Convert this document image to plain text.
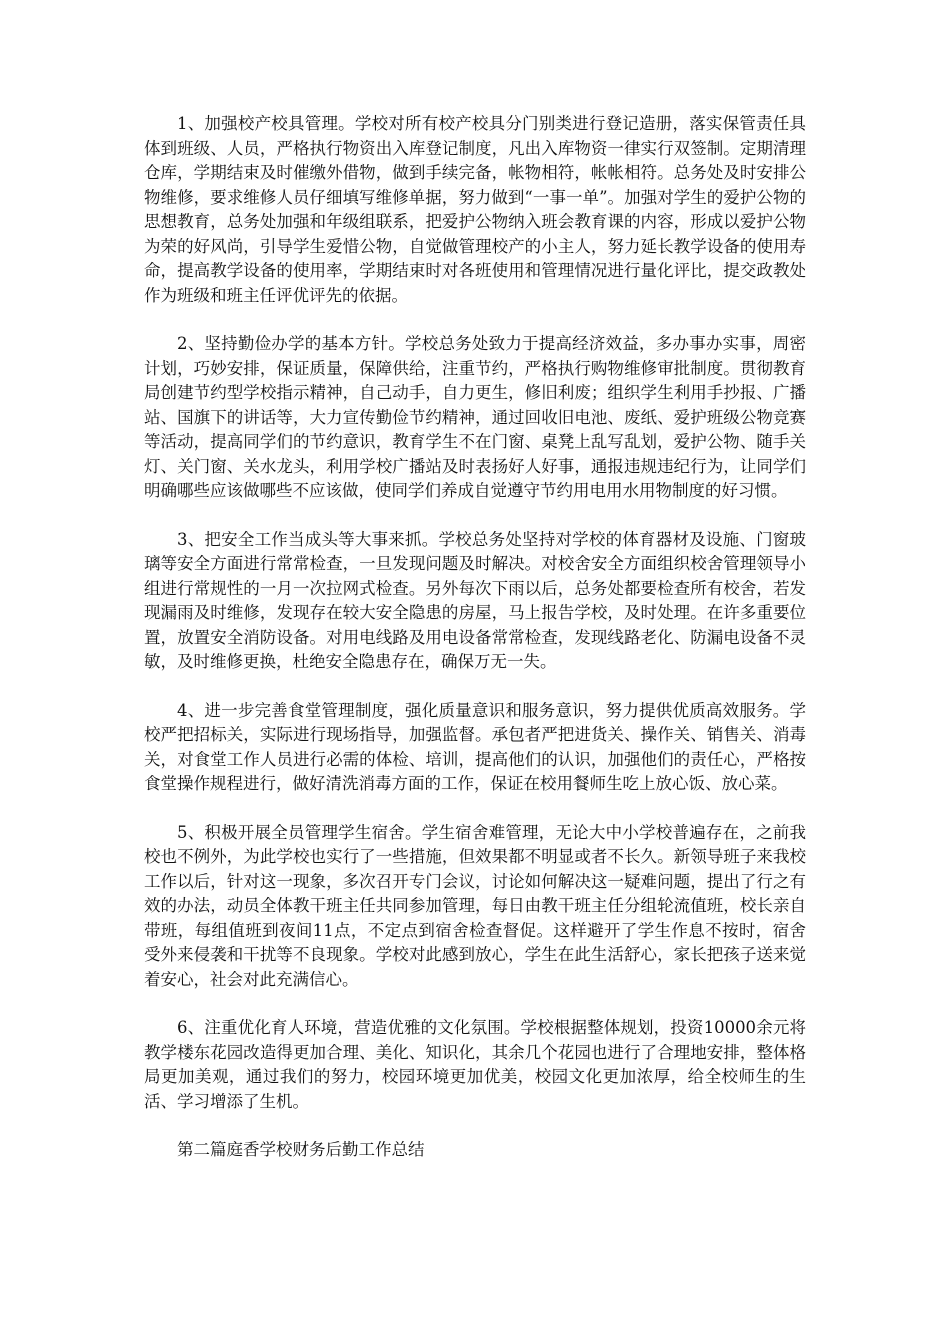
1、加强校产校具管理。学校对所有校产校具分门别类进行登记造册，落实保管责任具体到班级、人员，严格执行物资出入库登记制度，凡出入库物资一律实行双签制。定期清理仓库，学期结束及时催缴外借物，做到手续完备，帐物相符，帐帐相符。总务处及时安排公物维修，要求维修人员仔细填写维修单据，努力做到“一事一单”。加强对学生的爱护公物的思想教育，总务处加强和年级组联系，把爱护公物纳入班会教育课的内容，形成以爱护公物为荣的好风尚，引导学生爱惜公物，自觉做管理校产的小主人，努力延长教学设备的使用寿命，提高教学设备的使用率，学期结束时对各班使用和管理情况进行量化评比，提交政教处作为班级和班主任评优评先的依据。

2、坚持勤俭办学的基本方针。学校总务处致力于提高经济效益，多办事办实事，周密计划，巧妙安排，保证质量，保障供给，注重节约，严格执行购物维修审批制度。贯彻教育局创建节约型学校指示精神，自己动手，自力更生，修旧利废；组织学生利用手抄报、广播站、国旗下的讲话等，大力宣传勤俭节约精神，通过回收旧电池、废纸、爱护班级公物竞赛等活动，提高同学们的节约意识，教育学生不在门窗、桌凳上乱写乱划，爱护公物、随手关灯、关门窗、关水龙头，利用学校广播站及时表扬好人好事，通报违规违纪行为，让同学们明确哪些应该做哪些不应该做，使同学们养成自觉遵守节约用电用水用物制度的好习惯。

3、把安全工作当成头等大事来抓。学校总务处坚持对学校的体育器材及设施、门窗玻璃等安全方面进行常常检查，一旦发现问题及时解决。对校舍安全方面组织校舍管理领导小组进行常规性的一月一次拉网式检查。另外每次下雨以后，总务处都要检查所有校舍，若发现漏雨及时维修，发现存在较大安全隐患的房屋，马上报告学校，及时处理。在许多重要位置，放置安全消防设备。对用电线路及用电设备常常检查，发现线路老化、防漏电设备不灵敏，及时维修更换，杜绝安全隐患存在，确保万无一失。

4、进一步完善食堂管理制度，强化质量意识和服务意识，努力提供优质高效服务。学校严把招标关，实际进行现场指导，加强监督。承包者严把进货关、操作关、销售关、消毒关，对食堂工作人员进行必需的体检、培训，提高他们的认识，加强他们的责任心，严格按食堂操作规程进行，做好清洗消毒方面的工作，保证在校用餐师生吃上放心饭、放心菜。

5、积极开展全员管理学生宿舍。学生宿舍难管理，无论大中小学校普遍存在，之前我校也不例外，为此学校也实行了一些措施，但效果都不明显或者不长久。新领导班子来我校工作以后，针对这一现象，多次召开专门会议，讨论如何解决这一疑难问题，提出了行之有效的办法，动员全体教干班主任共同参加管理，每日由教干班主任分组轮流值班，校长亲自带班，每组值班到夜间11点，不定点到宿舍检查督促。这样避开了学生作息不按时，宿舍受外来侵袭和干扰等不良现象。学校对此感到放心，学生在此生活舒心，家长把孩子送来觉着安心，社会对此充满信心。

6、注重优化育人环境，营造优雅的文化氛围。学校根据整体规划，投资10000余元将教学楼东花园改造得更加合理、美化、知识化，其余几个花园也进行了合理地安排，整体格局更加美观，通过我们的努力，校园环境更加优美，校园文化更加浓厚，给全校师生的生活、学习增添了生机。

第二篇庭香学校财务后勤工作总结
